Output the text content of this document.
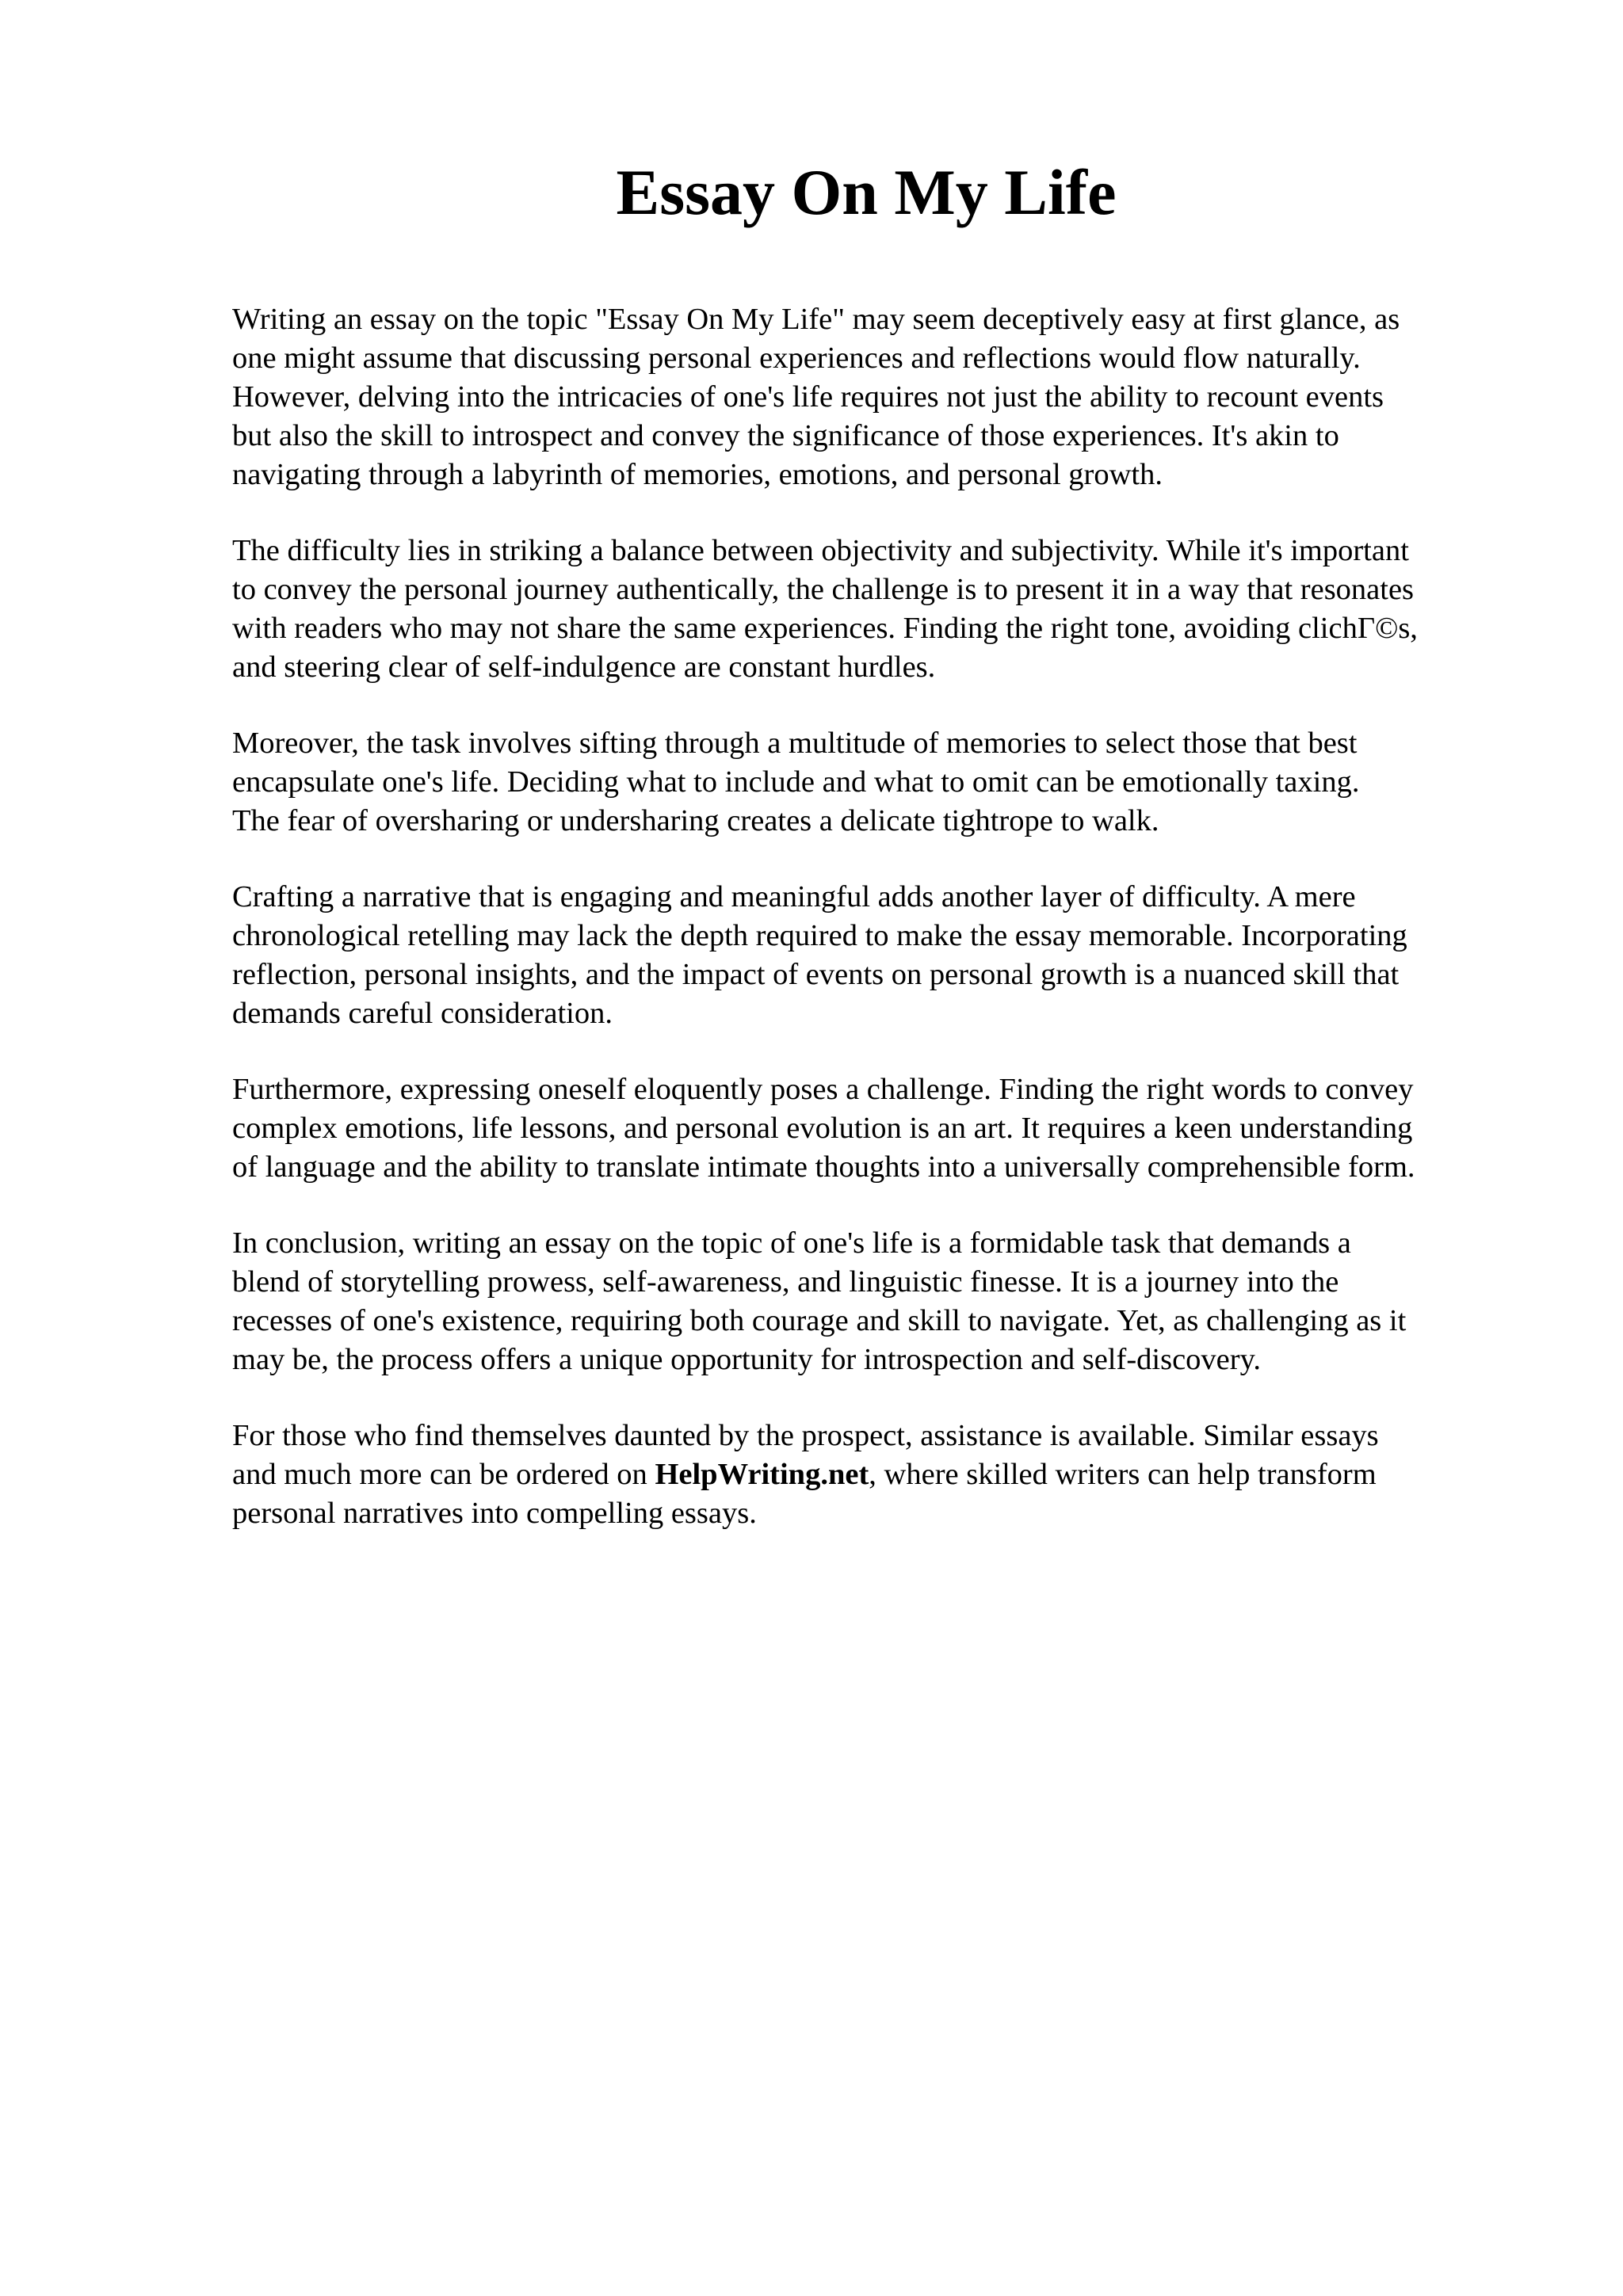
Essay On My Life

Writing an essay on the topic "Essay On My Life" may seem deceptively easy at first glance, as
one might assume that discussing personal experiences and reflections would flow naturally.
However, delving into the intricacies of one's life requires not just the ability to recount events
but also the skill to introspect and convey the significance of those experiences. It's akin to
navigating through a labyrinth of memories, emotions, and personal growth.

The difficulty lies in striking a balance between objectivity and subjectivity. While it's important
to convey the personal journey authentically, the challenge is to present it in a way that resonates
with readers who may not share the same experiences. Finding the right tone, avoiding clichГ©s,
and steering clear of self-indulgence are constant hurdles.

Moreover, the task involves sifting through a multitude of memories to select those that best
encapsulate one's life. Deciding what to include and what to omit can be emotionally taxing.
The fear of oversharing or undersharing creates a delicate tightrope to walk.

Crafting a narrative that is engaging and meaningful adds another layer of difficulty. A mere
chronological retelling may lack the depth required to make the essay memorable. Incorporating
reflection, personal insights, and the impact of events on personal growth is a nuanced skill that
demands careful consideration.

Furthermore, expressing oneself eloquently poses a challenge. Finding the right words to convey
complex emotions, life lessons, and personal evolution is an art. It requires a keen understanding
of language and the ability to translate intimate thoughts into a universally comprehensible form.

In conclusion, writing an essay on the topic of one's life is a formidable task that demands a
blend of storytelling prowess, self-awareness, and linguistic finesse. It is a journey into the
recesses of one's existence, requiring both courage and skill to navigate. Yet, as challenging as it
may be, the process offers a unique opportunity for introspection and self-discovery.

For those who find themselves daunted by the prospect, assistance is available. Similar essays
and much more can be ordered on HelpWriting.net, where skilled writers can help transform
personal narratives into compelling essays.
